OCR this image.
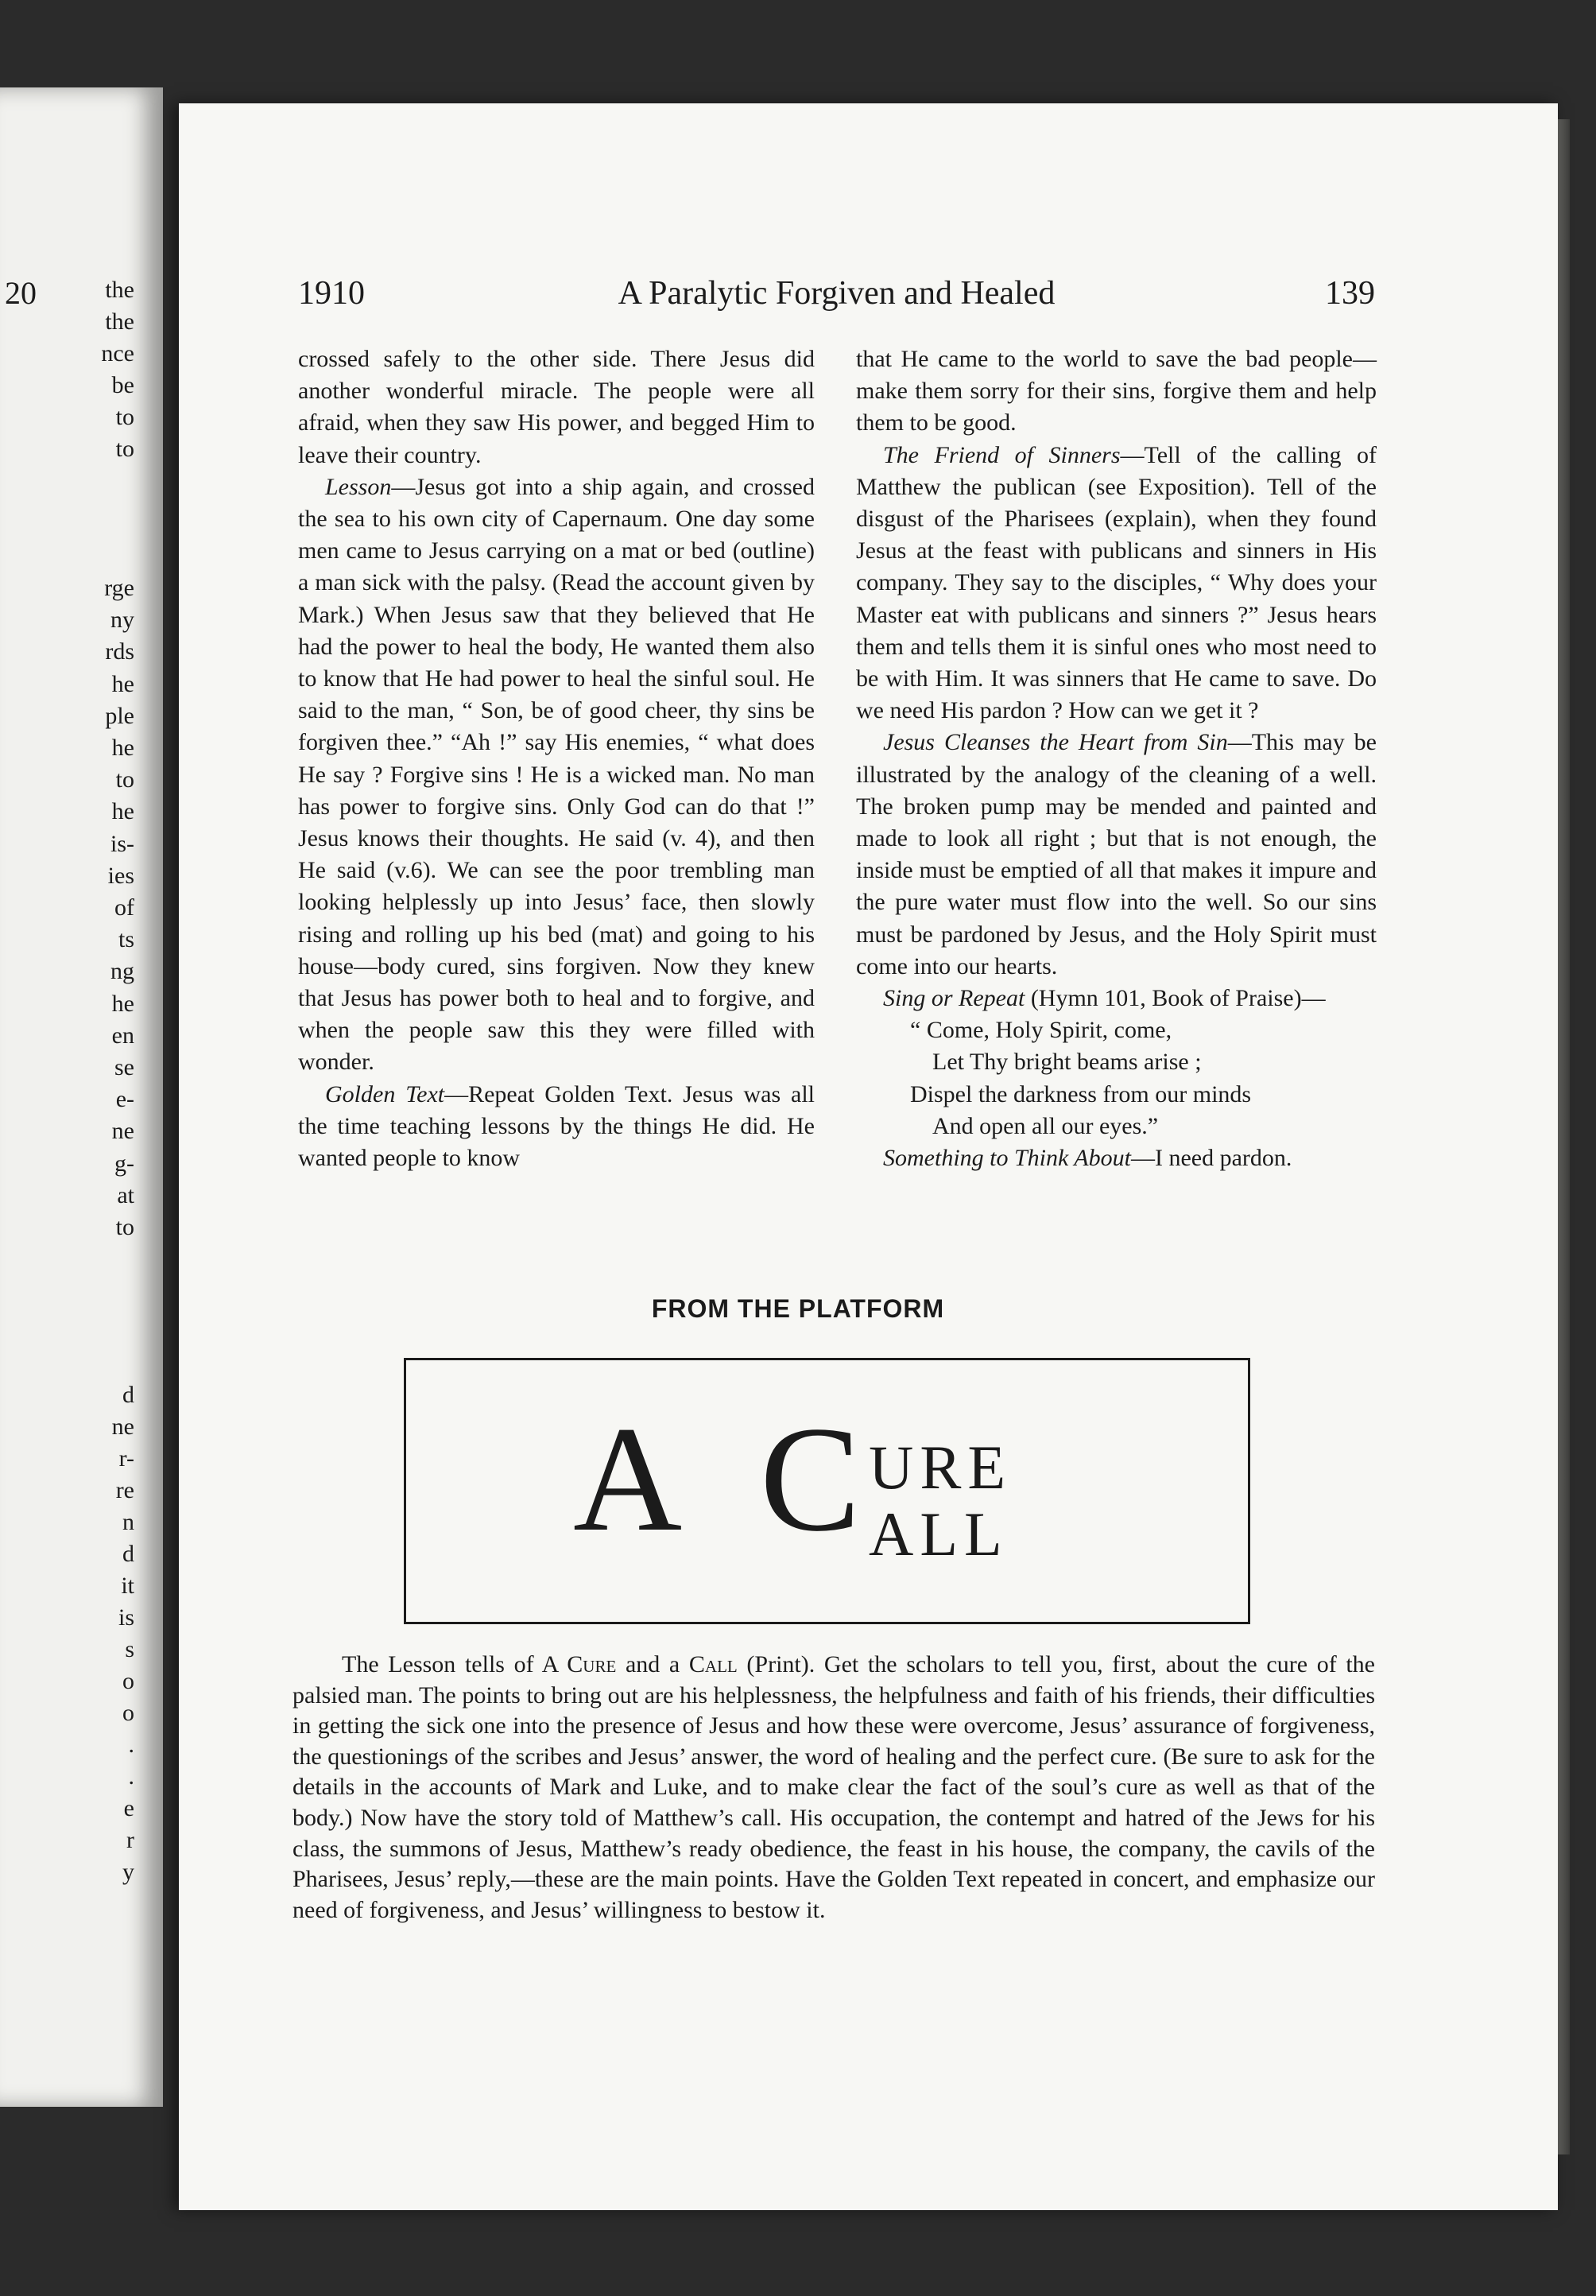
20	the
the
nce
be
to
to
rge
ny
rds
he
ple
he
to
he
is-
ies
of
ts
ng
he
en
se
e-
ne
g-
at
to
d
ne
r-
re
n
d
it
is
s
o
o
.
.
e
r
y
1910	A Paralytic Forgiven and Healed	139

crossed safely to the other side. There Jesus did another wonderful miracle. The people were all afraid, when they saw His power, and begged Him to leave their country.

Lesson—Jesus got into a ship again, and crossed the sea to his own city of Capernaum. One day some men came to Jesus carrying on a mat or bed (outline) a man sick with the palsy. (Read the account given by Mark.) When Jesus saw that they believed that He had the power to heal the body, He wanted them also to know that He had power to heal the sinful soul. He said to the man, “ Son, be of good cheer, thy sins be forgiven thee.” “Ah !” say His enemies, “ what does He say ? Forgive sins ! He is a wicked man. No man has power to forgive sins. Only God can do that !” Jesus knows their thoughts. He said (v. 4), and then He said (v.6). We can see the poor trembling man looking helplessly up into Jesus’ face, then slowly rising and rolling up his bed (mat) and going to his house—body cured, sins forgiven. Now they knew that Jesus has power both to heal and to forgive, and when the people saw this they were filled with wonder.

Golden Text—Repeat Golden Text. Jesus was all the time teaching lessons by the things He did. He wanted people to know

that He came to the world to save the bad people—make them sorry for their sins, forgive them and help them to be good.

The Friend of Sinners—Tell of the calling of Matthew the publican (see Exposition). Tell of the disgust of the Pharisees (explain), when they found Jesus at the feast with publicans and sinners in His company. They say to the disciples, “ Why does your Master eat with publicans and sinners ?” Jesus hears them and tells them it is sinful ones who most need to be with Him. It was sinners that He came to save. Do we need His pardon ? How can we get it ?

Jesus Cleanses the Heart from Sin—This may be illustrated by the analogy of the cleaning of a well. The broken pump may be mended and painted and made to look all right ; but that is not enough, the inside must be emptied of all that makes it impure and the pure water must flow into the well. So our sins must be pardoned by Jesus, and the Holy Spirit must come into our hearts.

Sing or Repeat (Hymn 101, Book of Praise)—

“ Come, Holy Spirit, come,

Let Thy bright beams arise ;

Dispel the darkness from our minds

And open all our eyes.”

Something to Think About—I need pardon.

FROM THE PLATFORM
A C URE
ALL

The Lesson tells of A Cure and a Call (Print). Get the scholars to tell you, first, about the cure of the palsied man. The points to bring out are his helplessness, the helpfulness and faith of his friends, their difficulties in getting the sick one into the presence of Jesus and how these were overcome, Jesus’ assurance of forgiveness, the questionings of the scribes and Jesus’ answer, the word of healing and the perfect cure. (Be sure to ask for the details in the accounts of Mark and Luke, and to make clear the fact of the soul’s cure as well as that of the body.) Now have the story told of Matthew’s call. His occupation, the contempt and hatred of the Jews for his class, the summons of Jesus, Matthew’s ready obedience, the feast in his house, the company, the cavils of the Pharisees, Jesus’ reply,—these are the main points. Have the Golden Text repeated in concert, and emphasize our need of forgiveness, and Jesus’ willingness to bestow it.
